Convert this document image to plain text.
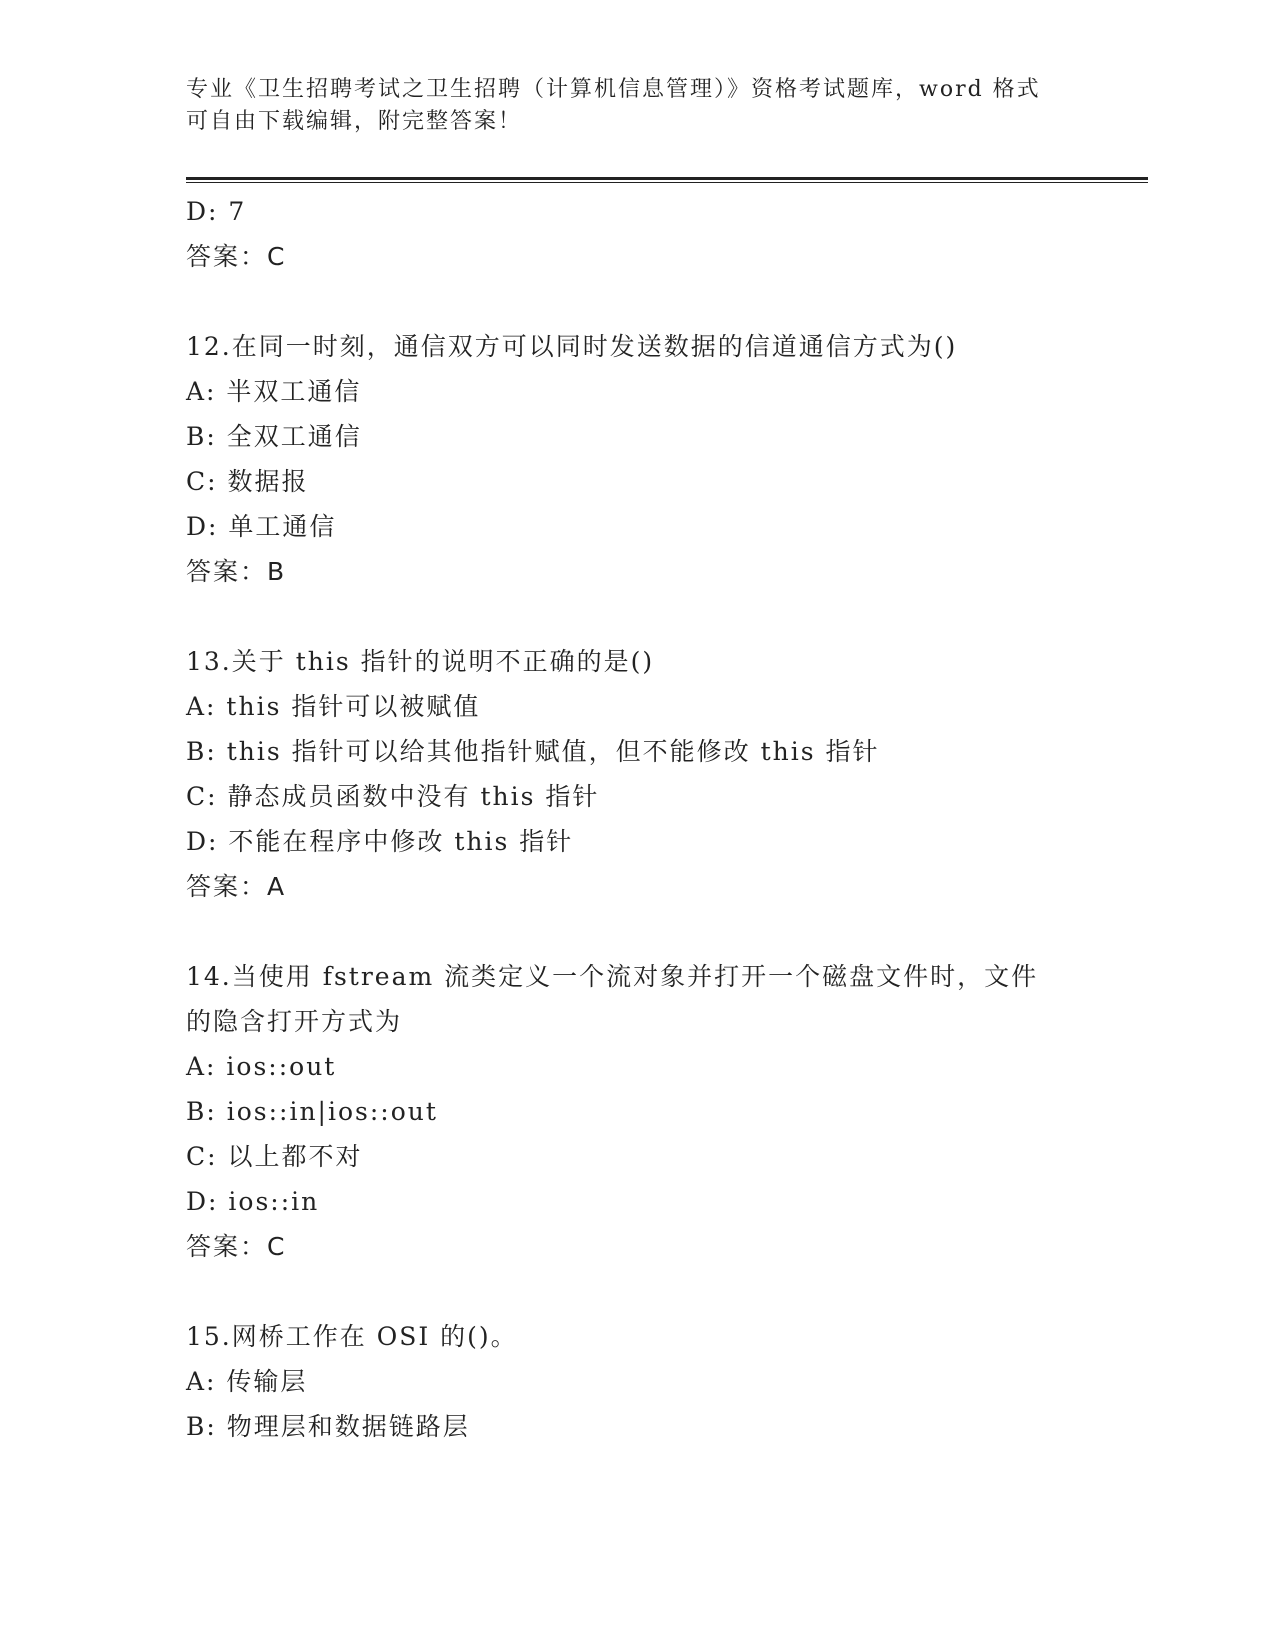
专业《卫生招聘考试之卫生招聘（计算机信息管理）》资格考试题库，word 格式
可自由下载编辑，附完整答案！
D: 7
答案：C
12.在同一时刻，通信双方可以同时发送数据的信道通信方式为()
A: 半双工通信
B: 全双工通信
C: 数据报
D: 单工通信
答案：B
13.关于 this 指针的说明不正确的是()
A: this 指针可以被赋值
B: this 指针可以给其他指针赋值，但不能修改 this 指针
C: 静态成员函数中没有 this 指针
D: 不能在程序中修改 this 指针
答案：A
14.当使用 fstream 流类定义一个流对象并打开一个磁盘文件时，文件
的隐含打开方式为
A: ios::out
B: ios::in|ios::out
C: 以上都不对
D: ios::in
答案：C
15.网桥工作在 OSI 的()。
A: 传输层
B: 物理层和数据链路层
